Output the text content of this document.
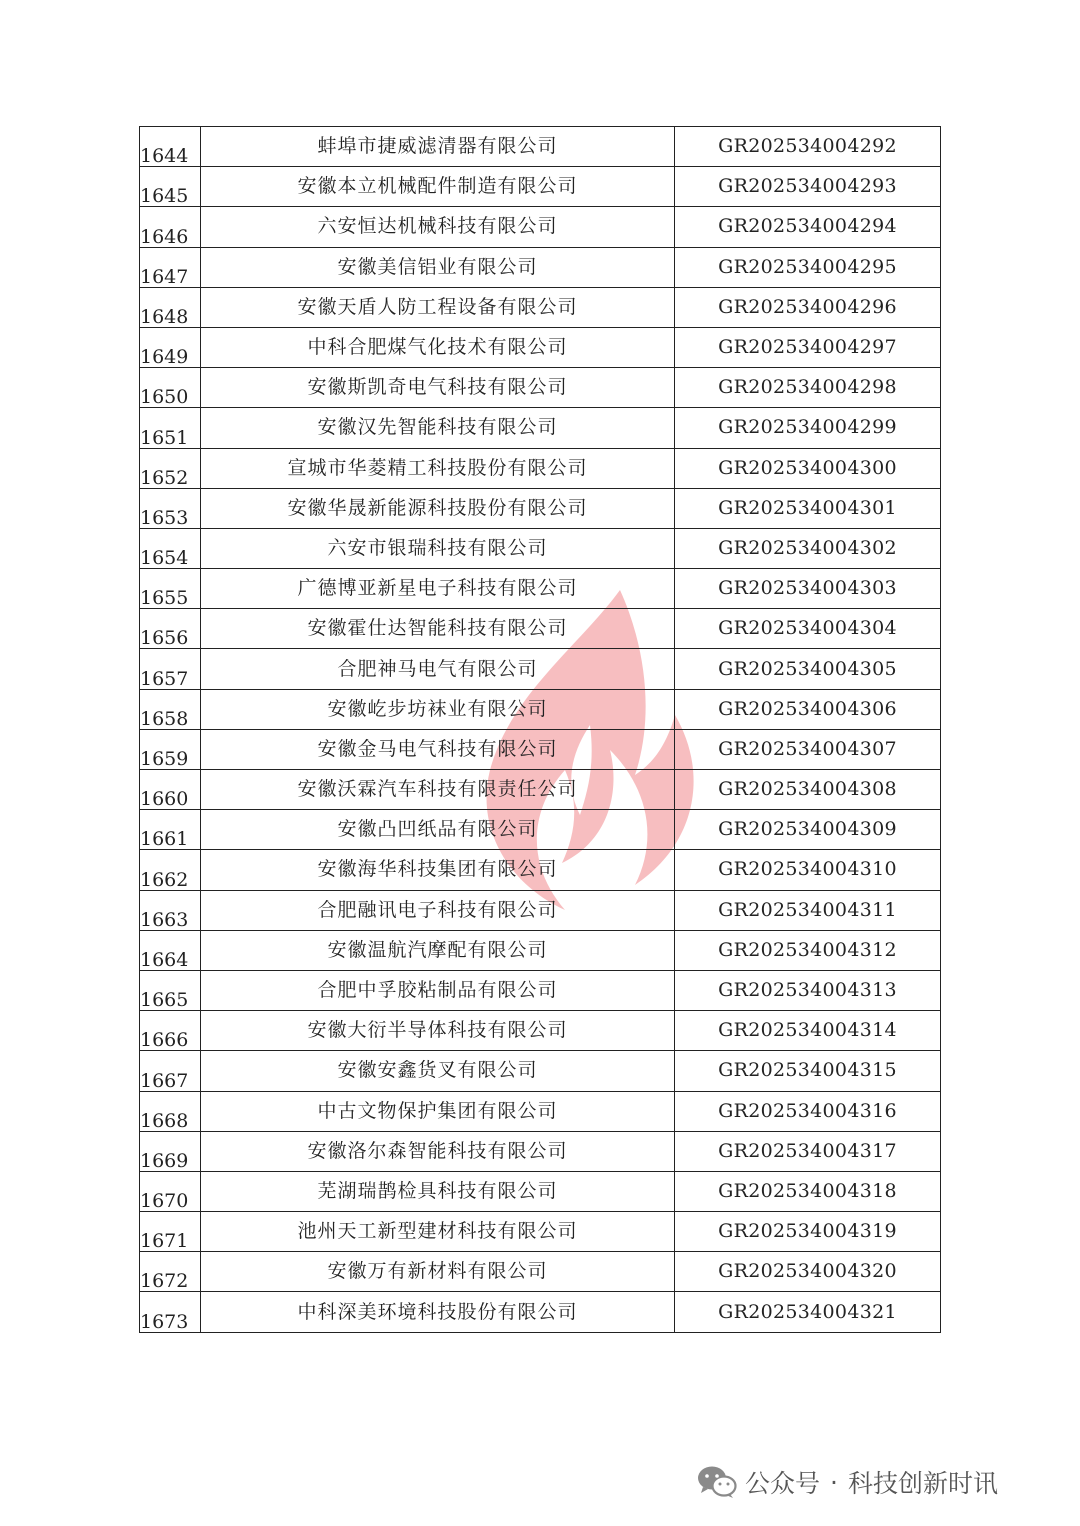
1644	蚌埠市捷威滤清器有限公司	GR202534004292
1645	安徽本立机械配件制造有限公司	GR202534004293
1646	六安恒达机械科技有限公司	GR202534004294
1647	安徽美信铝业有限公司	GR202534004295
1648	安徽天盾人防工程设备有限公司	GR202534004296
1649	中科合肥煤气化技术有限公司	GR202534004297
1650	安徽斯凯奇电气科技有限公司	GR202534004298
1651	安徽汉先智能科技有限公司	GR202534004299
1652	宣城市华菱精工科技股份有限公司	GR202534004300
1653	安徽华晟新能源科技股份有限公司	GR202534004301
1654	六安市银瑞科技有限公司	GR202534004302
1655	广德博亚新星电子科技有限公司	GR202534004303
1656	安徽霍仕达智能科技有限公司	GR202534004304
1657	合肥神马电气有限公司	GR202534004305
1658	安徽屹步坊袜业有限公司	GR202534004306
1659	安徽金马电气科技有限公司	GR202534004307
1660	安徽沃霖汽车科技有限责任公司	GR202534004308
1661	安徽凸凹纸品有限公司	GR202534004309
1662	安徽海华科技集团有限公司	GR202534004310
1663	合肥融讯电子科技有限公司	GR202534004311
1664	安徽温航汽摩配有限公司	GR202534004312
1665	合肥中孚胶粘制品有限公司	GR202534004313
1666	安徽大衍半导体科技有限公司	GR202534004314
1667	安徽安鑫货叉有限公司	GR202534004315
1668	中古文物保护集团有限公司	GR202534004316
1669	安徽洛尔森智能科技有限公司	GR202534004317
1670	芜湖瑞鹊检具科技有限公司	GR202534004318
1671	池州天工新型建材科技有限公司	GR202534004319
1672	安徽万有新材料有限公司	GR202534004320
1673	中科深美环境科技股份有限公司	GR202534004321
公众号 · 科技创新时讯
